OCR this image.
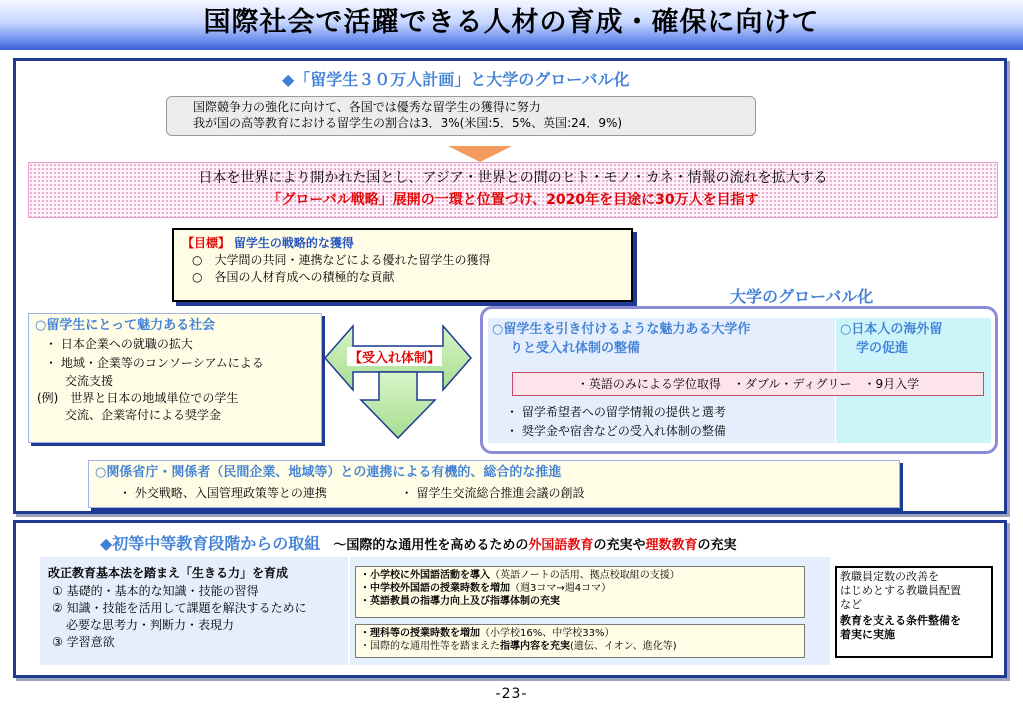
国際社会で活躍できる人材の育成・確保に向けて
◆「留学生３０万人計画」と大学のグローバル化
国際競争力の強化に向けて、各国では優秀な留学生の獲得に努力
我が国の高等教育における留学生の割合は3．3%(米国:5．5%、英国:24．9%)
日本を世界により開かれた国とし、アジア・世界との間のヒト・モノ・カネ・情報の流れを拡大する
「グローバル戦略」展開の一環と位置づけ、2020年を目途に30万人を目指す
【目標】 留学生の戦略的な獲得
○　大学間の共同・連携などによる優れた留学生の獲得
○　各国の人材育成への積極的な貢献
大学のグローバル化
○留学生にとって魅力ある社会
・ 日本企業への就職の拡大
・ 地域・企業等のコンソーシアムによる
交流支援
(例)　世界と日本の地域単位での学生
交流、企業寄付による奨学金
【受入れ体制】
○留学生を引き付けるような魅力ある大学作
りと受入れ体制の整備
○日本人の海外留
学の促進
・英語のみによる学位取得　・ダブル・ディグリー　・9月入学
・ 留学希望者への留学情報の提供と選考
・ 奨学金や宿舎などの受入れ体制の整備
○関係省庁・関係者（民間企業、地域等）との連携による有機的、総合的な推進
・ 外交戦略、入国管理政策等との連携	・ 留学生交流総合推進会議の創設
◆初等中等教育段階からの取組 ～国際的な通用性を高めるための外国語教育の充実や理数教育の充実
改正教育基本法を踏まえ「生きる力」を育成
① 基礎的・基本的な知識・技能の習得
② 知識・技能を活用して課題を解決するために
必要な思考力・判断力・表現力
③ 学習意欲
・小学校に外国語活動を導入（英語ノートの活用、拠点校取組の支援）
・中学校外国語の授業時数を増加（週3コマ→週4コマ）
・英語教員の指導力向上及び指導体制の充実
・理科等の授業時数を増加（小学校16%、中学校33%）
・国際的な通用性等を踏まえた指導内容を充実(遺伝、イオン、進化等)
教職員定数の改善を
はじめとする教職員配置
など
教育を支える条件整備を
着実に実施
-23-
